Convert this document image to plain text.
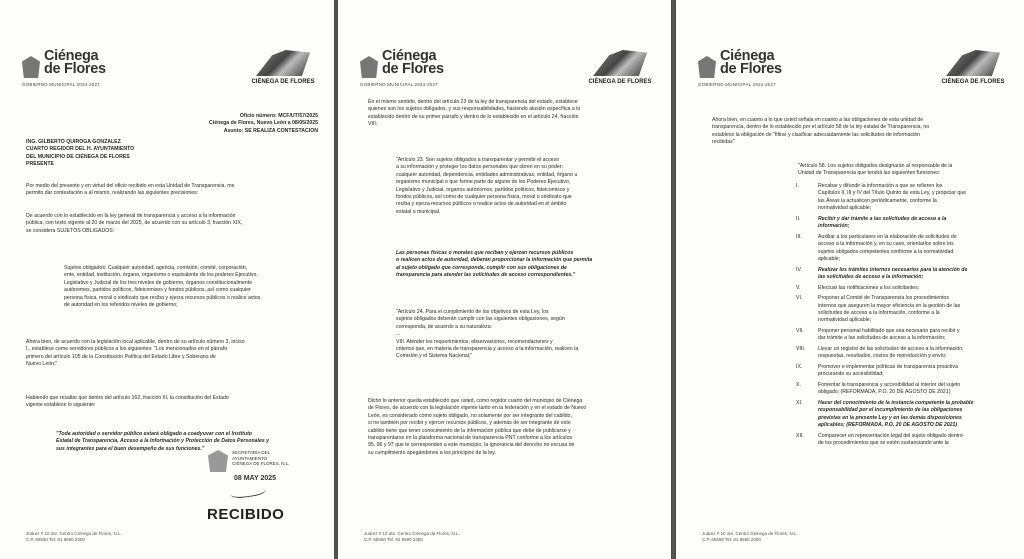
Ciénega
de Flores
GOBIERNO MUNICIPAL 2024-2027	CIÉNEGA DE FLORES
Oficio número: MCF/UT/57/2025
Ciénega de Flores, Nuevo León a 08/05/2025
Asunto: SE REALIZA CONTESTACION
ING. GILBERTO QUIROGA GONZALEZ
CUARTO REGIDOR DEL H. AYUNTAMIENTO
DEL MUNICIPIO DE CIÉNEGA DE FLORES
PRESENTE
Por medio del presente y en virtud del oficio recibido en esta Unidad de Transparencia, me
permito dar contestación a al mismo, realizando las siguientes precisiones:
De acuerdo con lo establecido en la ley general de transparencia y acceso a la información
pública, con texto vigente al 20 de marzo del 2025, de acuerdo con su artículo 3, fracción XIX,
se considera SUJETOS OBLIGADOS:
Sujetos obligados: Cualquier autoridad, agencia, comisión, comité, corporación,
ente, entidad, institución, órgano, organismo o equivalente de los poderes Ejecutivo,
Legislativo y Judicial de los tres niveles de gobierno, órganos constitucionalmente
autónomos, partidos políticos, fideicomisos y fondos públicos, así como cualquier
persona física, moral o sindicato que reciba y ejerza recursos públicos o realice actos
de autoridad en los referidos niveles de gobierno;
Ahora bien, de acuerdo con la legislación local aplicable, dentro de su artículo número 3, inciso
I., establece como servidores públicos a los siguientes: "Los mencionados en el párrafo
primero del artículo 105 de la Constitución Política del Estado Libre y Soberano de
Nuevo León;"
Habiendo que resaltar que dentro del artículo 162, fracción III, la constitución del Estado
vigente establece lo siguiente:
"Toda autoridad o servidor público estará obligado a coadyuvar con el Instituto
Estatal de Transparencia, Acceso a la Información y Protección de Datos Personales y
sus integrantes para el buen desempeño de sus funciones."
SECRETARÍA DEL
AYUNTAMIENTO
CIÉNEGA DE FLORES, N.L.
08 MAY 2025
RECIBIDO
Juárez # 10 ote. Centro Ciénega de Flores, N.L.
C.P. 65550 Tel. 81 9690 2300
Ciénega
de Flores
GOBIERNO MUNICIPAL 2024-2027	CIÉNEGA DE FLORES
En el mismo sentido, dentro del artículo 23 de la ley de transparencia del estado, establece
quienes son los sujetos obligados, y sus responsabilidades, haciendo alusión específica a lo
establecido dentro de su primer párrafo y dentro de lo establecido en el artículo 24, fracción
VIII:
"Artículo 23. Son sujetos obligados a transparentar y permitir el acceso
a su información y proteger los datos personales que obren en su poder:
cualquier autoridad, dependencia, entidades administrativas, entidad, órgano u
organismo municipal o que forme parte de alguno de los Poderes Ejecutivo,
Legislativo y Judicial, órganos autónomos, partidos políticos, fideicomisos y
fondos públicos, así como de cualquier persona física, moral o sindicato que
reciba y ejerza recursos públicos o realice actos de autoridad en el ámbito
estatal o municipal.
Las personas físicas o morales que reciban y ejerzan recursos públicos
o realicen actos de autoridad, deberán proporcionar la información que permita
al sujeto obligado que corresponda, cumplir con sus obligaciones de
transparencia para atender las solicitudes de acceso correspondientes."
"Artículo 24. Para el cumplimiento de los objetivos de esta Ley, los
sujetos obligados deberán cumplir con las siguientes obligaciones, según
corresponda, de acuerdo a su naturaleza:
...
VIII. Atender los requerimientos, observaciones, recomendaciones y
criterios que, en materia de transparencia y acceso a la información, realicen la
Comisión y el Sistema Nacional;"
Dicho lo anterior queda establecido que usted, como regidor cuarto del municipio de Ciénega
de Flores, de acuerdo con la legislación vigente tanto en la federación y en el estado de Nuevo
León, es considerado como sujeto obligado, no solamente por ser integrante del cabildo,
si no también por recibir y ejercer recursos públicos, y además de ser integrante de este
cabildo tiene que tener conocimiento de la información pública que debe de publicarse y
transparentarse en la plataforma nacional de transparencia PNT conforme a los artículos
95, 96 y 97 que le corresponden a este municipio, la ignorancia del derecho no excusa de
su cumplimiento apegándonos a los principios de la ley.
Juárez # 10 ote. Centro Ciénega de Flores, N.L.
C.P. 65550 Tel. 81 9690 2300
Ciénega
de Flores
GOBIERNO MUNICIPAL 2024-2027	CIÉNEGA DE FLORES
Ahora bien, en cuanto a lo que usted señala en cuanto a las obligaciones de esta unidad de
transparencia, dentro de lo establecido por el artículo 58 de la ley estatal de Transparencia, no
establece la obligación de "filtrar y clasificar adecuadamente las solicitudes de información
recibidas"
"Artículo 58. Los sujetos obligados designarán al responsable de la
Unidad de Transparencia que tendrá las siguientes funciones:
I.	Recabar y difundir la información a que se refieren los
Capítulos II, III y IV del Título Quinto de esta Ley, y propiciar que
las Áreas la actualicen periódicamente, conforme la
normatividad aplicable;
II.	Recibir y dar trámite a las solicitudes de acceso a la
información;
III.	Auxiliar a los particulares en la elaboración de solicitudes de
acceso a la información y, en su caso, orientarlos sobre los
sujetos obligados competentes conforme a la normatividad
aplicable;
IV.	Realizar los trámites internos necesarios para la atención de
las solicitudes de acceso a la información;
V.	Efectuar las notificaciones a los solicitantes;
VI.	Proponer al Comité de Transparencia los procedimientos
internos que aseguren la mayor eficiencia en la gestión de las
solicitudes de acceso a la información, conforme a la
normatividad aplicable;
VII.	Proponer personal habilitado que sea necesario para recibir y
dar trámite a las solicitudes de acceso a la información;
VIII. Llevar un registro de las solicitudes de acceso a la información,
respuestas, resultados, costos de reproducción y envío;
IX.	Promover e implementar políticas de transparencia proactiva
procurando su accesibilidad;
X.	Fomentar la transparencia y accesibilidad al interior del sujeto
obligado; (REFORMADA, P.O. 20 DE AGOSTO DE 2021)
XI.	Hacer del conocimiento de la instancia competente la probable
responsabilidad por el incumplimiento de las obligaciones
previstas en la presente Ley y en las demás disposiciones
aplicables; (REFORMADA, P.O. 20 DE AGOSTO DE 2021)
XII.	Comparecer en representación legal del sujeto obligado dentro
de los procedimientos que se estén sustanciando ante la
Juárez # 10 ote. Centro Ciénega de Flores, N.L.
C.P. 65550 Tel. 81 9690 2300
